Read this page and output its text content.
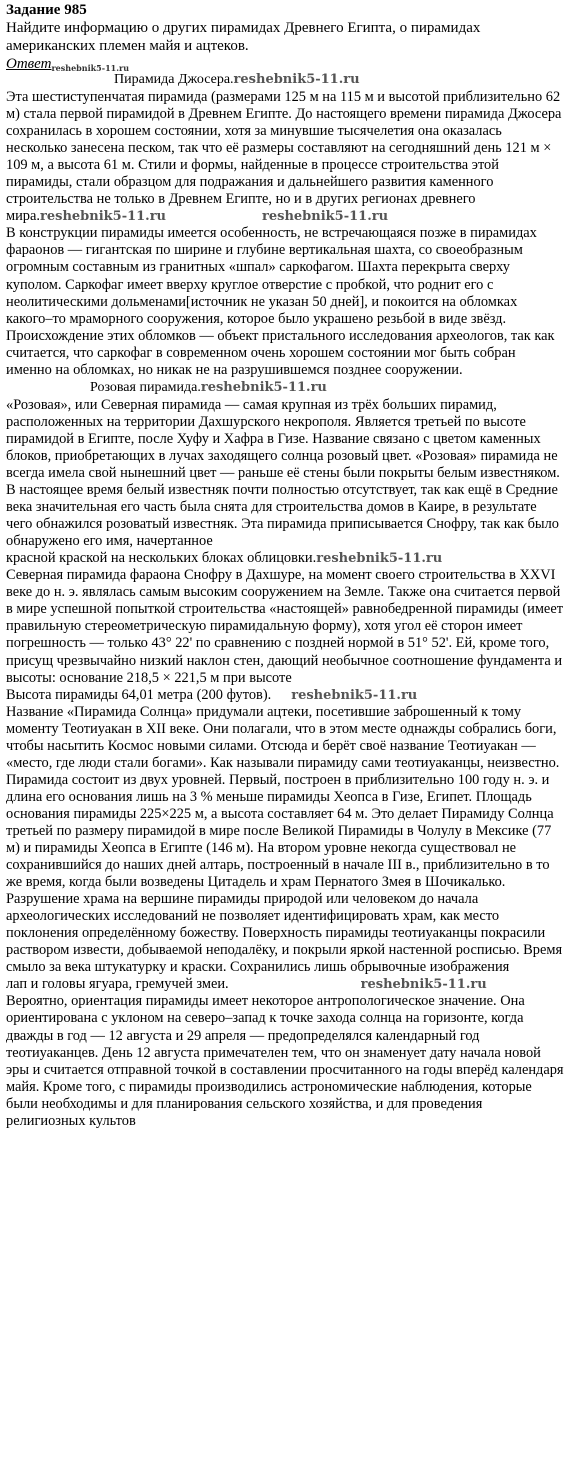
Задание 985

Найдите информацию о других пирамидах Древнего Египта, о пирамидах американских племен майя и ацтеков.

Ответ$_{reshebnik5-11.ru}$
Пирамида Джосера.reshebnik5-11.ru

Эта шестиступенчатая пирамида (размерами 125 м на 115 м и высотой приблизительно 62 м) стала первой пирамидой в Древнем Египте. До настоящего времени пирамида Джосера сохранилась в хорошем состоянии, хотя за минувшие тысячелетия она оказалась несколько занесена песком, так что её размеры составляют на сегодняшний день 121 м × 109 м, а высота 61 м. Стили и формы, найденные в процессе строительства этой пирамиды, стали образцом для подражания и дальнейшего развития каменного строительства не только в Древнем Египте, но и в других регионах древнего

мира.reshebnik5-11.ru	reshebnik5-11.ru

В конструкции пирамиды имеется особенность, не встречающаяся позже в пирамидах фараонов — гигантская по ширине и глубине вертикальная шахта, со своеобразным огромным составным из гранитных «шпал» саркофагом. Шахта перекрыта сверху куполом. Саркофаг имеет вверху круглое отверстие с пробкой, что роднит его с неолитическими дольменами[источник не указан 50 дней], и покоится на обломках какого–то мраморного сооружения, которое было украшено резьбой в виде звёзд. Происхождение этих обломков — объект пристального исследования археологов, так как считается, что саркофаг в современном очень хорошем состоянии мог быть собран именно на обломках, но никак не на разрушившемся позднее сооружении.

Розовая пирамида.reshebnik5-11.ru

«Розовая», или Северная пирамида — самая крупная из трёх больших пирамид, расположенных на территории Дахшурского некрополя. Является третьей по высоте пирамидой в Египте, после Хуфу и Хафра в Гизе. Название связано с цветом каменных блоков, приобретающих в лучах заходящего солнца розовый цвет. «Розовая» пирамида не всегда имела свой нынешний цвет — раньше её стены были покрыты белым известняком. В настоящее время белый известняк почти полностью отсутствует, так как ещё в Средние века значительная его часть была снята для строительства домов в Каире, в результате чего обнажился розоватый известняк. Эта пирамида приписывается Снофру, так как было обнаружено его имя, начертанное

красной краской на нескольких блоках облицовки.reshebnik5-11.ru

Северная пирамида фараона Снофру в Дахшуре, на момент своего строительства в XXVI веке до н. э. являлась самым высоким сооружением на Земле. Также она считается первой в мире успешной попыткой строительства «настоящей» равнобедренной пирамиды (имеет правильную стереометрическую пирамидальную форму), хотя угол её сторон имеет погрешность — только 43° 22' по сравнению с поздней нормой в 51° 52'. Ей, кроме того, присущ чрезвычайно низкий наклон стен, дающий необычное соотношение фундамента и высоты: основание 218,5 × 221,5 м при высоте

Высота пирамиды 64,01 метра (200 футов). reshebnik5-11.ru

Название «Пирамида Солнца» придумали ацтеки, посетившие заброшенный к тому моменту Теотиуакан в XII веке. Они полагали, что в этом месте однажды собрались боги, чтобы насытить Космос новыми силами. Отсюда и берёт своё название Теотиуакан — «место, где люди стали богами». Как называли пирамиду сами теотиуаканцы, неизвестно.

Пирамида состоит из двух уровней. Первый, построен в приблизительно 100 году н. э. и длина его основания лишь на 3 % меньше пирамиды Хеопса в Гизе, Египет. Площадь основания пирамиды 225×225 м, а высота составляет 64 м. Это делает Пирамиду Солнца третьей по размеру пирамидой в мире после Великой Пирамиды в Чолулу в Мексике (77 м) и пирамиды Хеопса в Египте (146 м). На втором уровне некогда существовал не сохранившийся до наших дней алтарь, построенный в начале III в., приблизительно в то же время, когда были возведены Цитадель и храм Пернатого Змея в Шочикалько. Разрушение храма на вершине пирамиды природой или человеком до начала археологических исследований не позволяет идентифицировать храм, как место поклонения определённому божеству. Поверхность пирамиды теотиуаканцы покрасили раствором извести, добываемой неподалёку, и покрыли яркой настенной росписью. Время смыло за века штукатурку и краски. Сохранились лишь обрывочные изображения

лап и головы ягуара, гремучей змеи.	reshebnik5-11.ru

Вероятно, ориентация пирамиды имеет некоторое антропологическое значение. Она ориентирована с уклоном на северо–запад к точке захода солнца на горизонте, когда дважды в год — 12 августа и 29 апреля — предопределялся календарный год теотиуаканцев. День 12 августа примечателен тем, что он знаменует дату начала новой эры и считается отправной точкой в составлении просчитанного на годы вперёд календаря майя. Кроме того, с пирамиды производились астрономические наблюдения, которые были необходимы и для планирования сельского хозяйства, и для проведения религиозных культов
